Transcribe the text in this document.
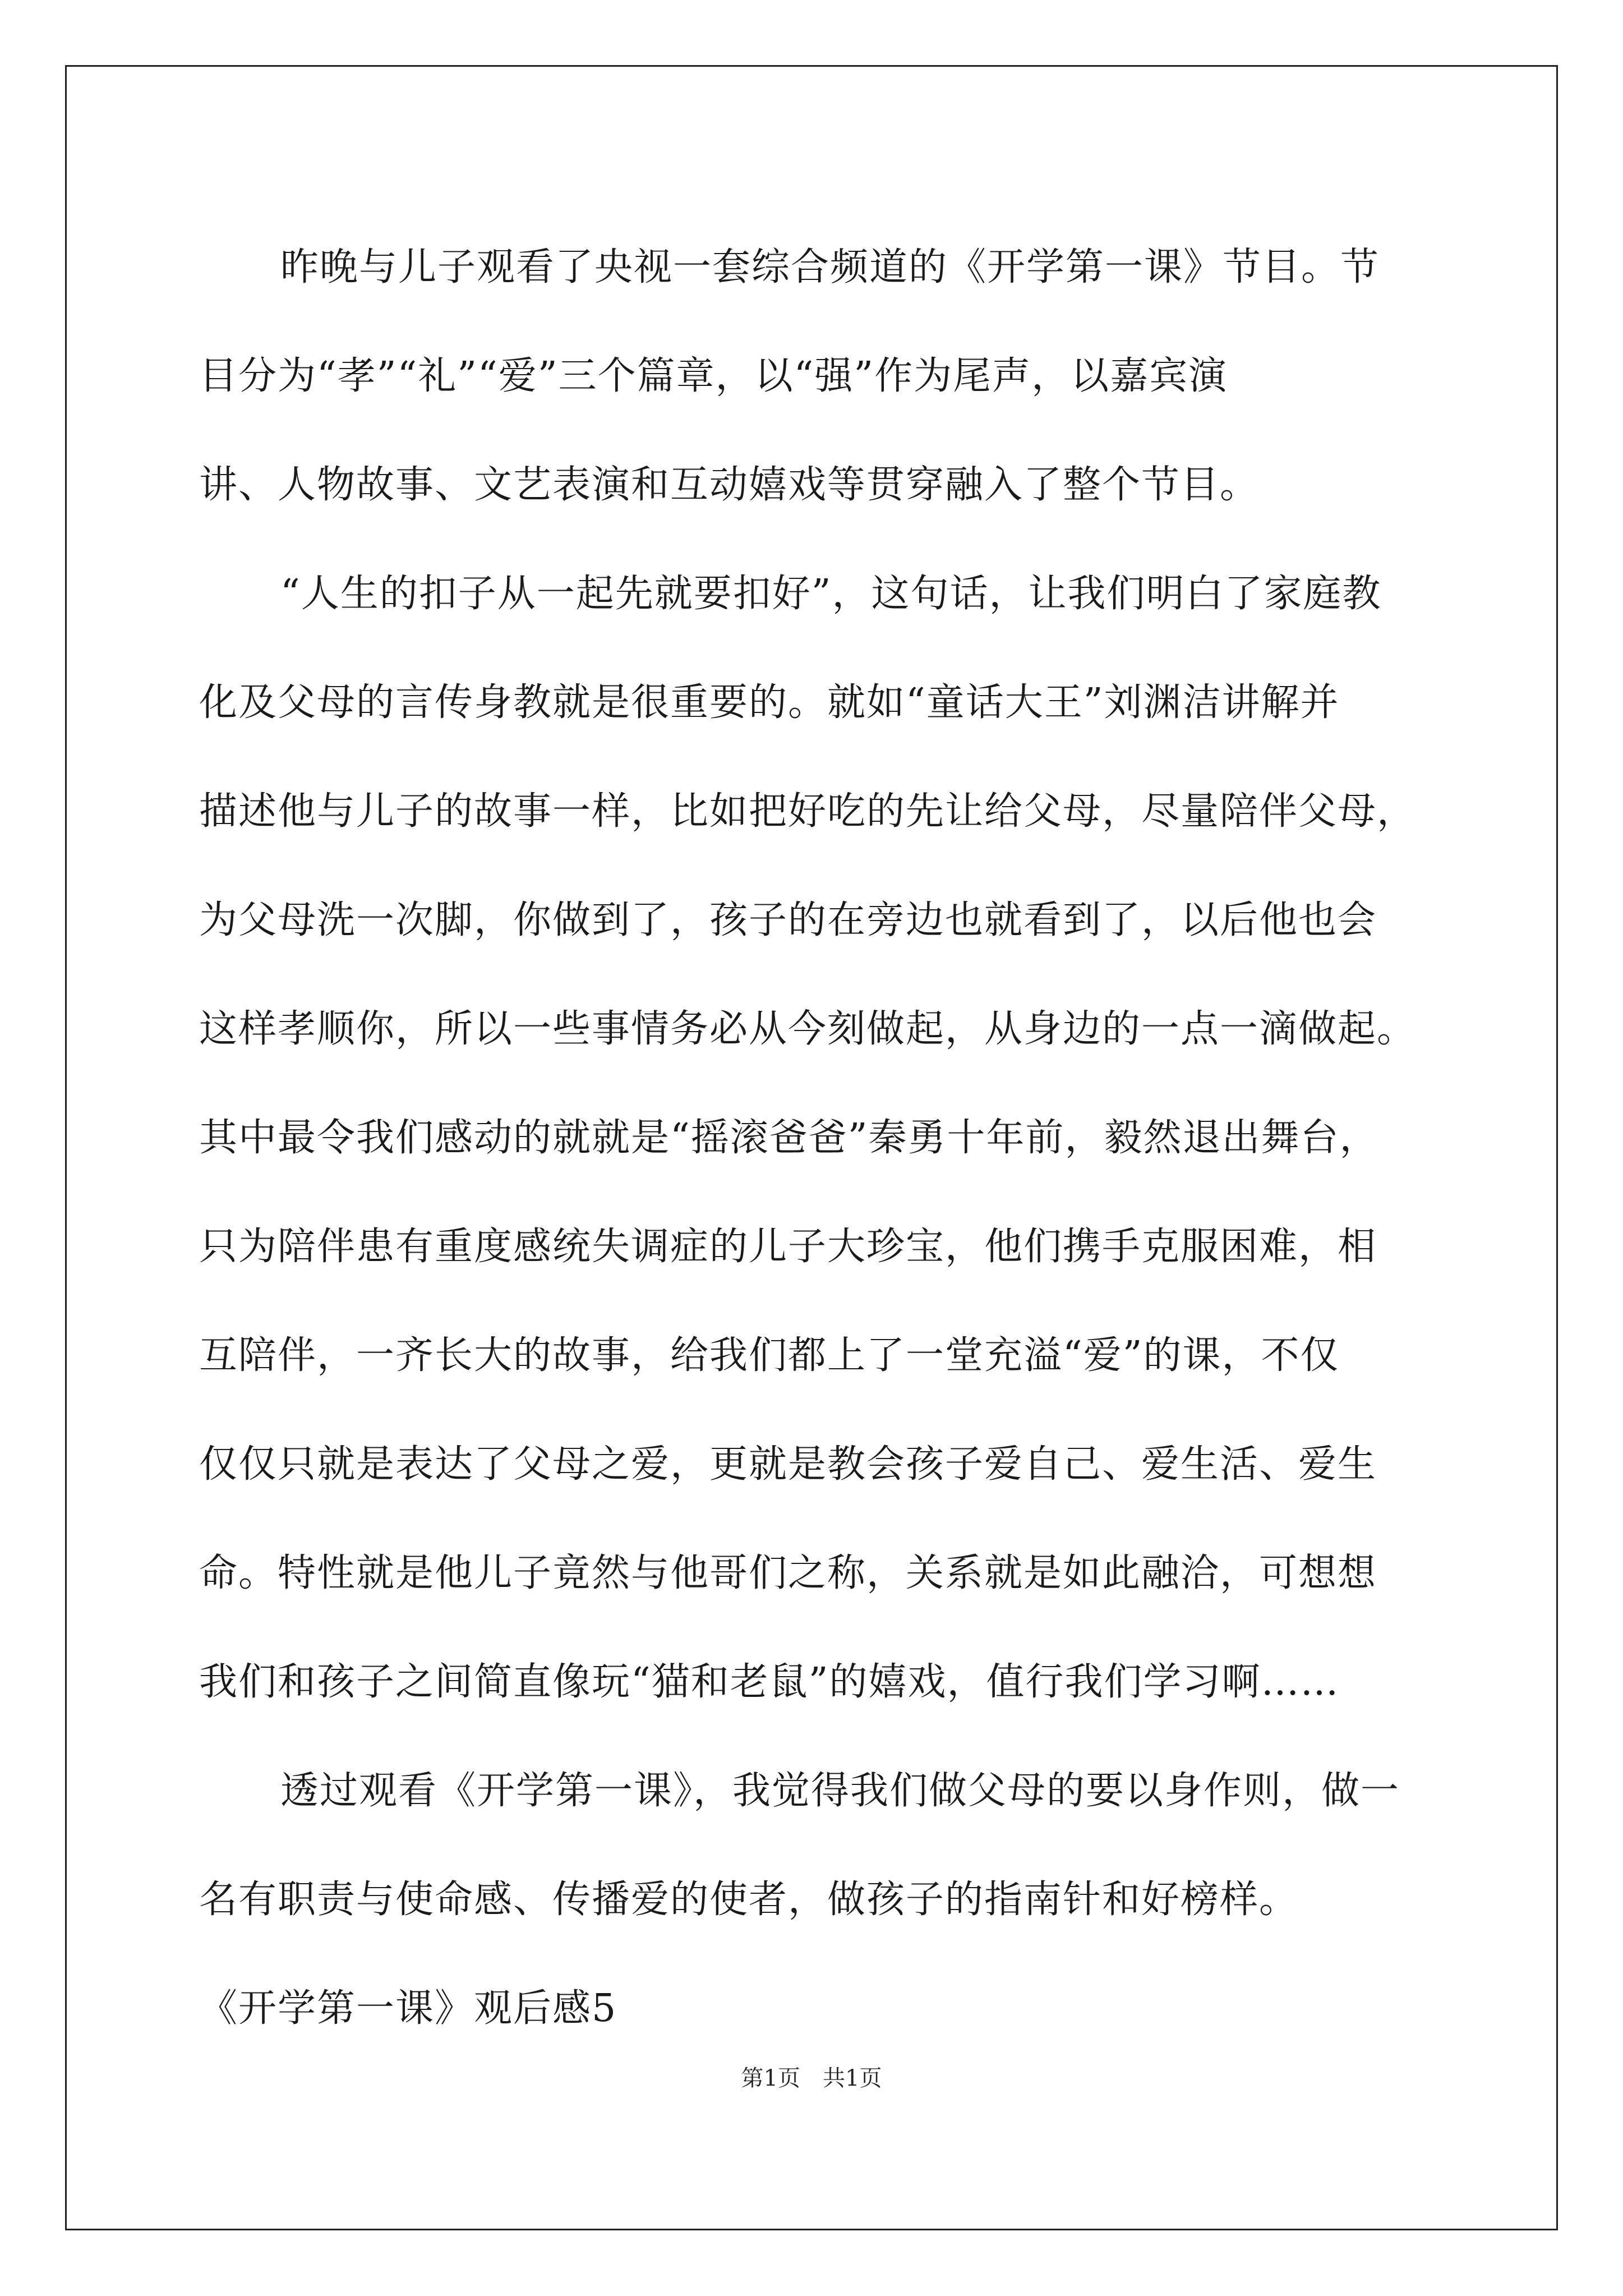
昨晚与儿子观看了央视一套综合频道的《开学第一课》节目。节
目分为“孝”“礼”“爱”三个篇章，以“强”作为尾声，以嘉宾演
讲、人物故事、文艺表演和互动嬉戏等贯穿融入了整个节目。
“人生的扣子从一起先就要扣好”，这句话，让我们明白了家庭教
化及父母的言传身教就是很重要的。就如“童话大王”刘渊洁讲解并
描述他与儿子的故事一样，比如把好吃的先让给父母，尽量陪伴父母，
为父母洗一次脚，你做到了，孩子的在旁边也就看到了，以后他也会
这样孝顺你，所以一些事情务必从今刻做起，从身边的一点一滴做起。
其中最令我们感动的就就是“摇滚爸爸”秦勇十年前，毅然退出舞台，
只为陪伴患有重度感统失调症的儿子大珍宝，他们携手克服困难，相
互陪伴，一齐长大的故事，给我们都上了一堂充溢“爱”的课，不仅
仅仅只就是表达了父母之爱，更就是教会孩子爱自己、爱生活、爱生
命。特性就是他儿子竟然与他哥们之称，关系就是如此融洽，可想想
我们和孩子之间简直像玩“猫和老鼠”的嬉戏，值行我们学习啊……
透过观看《开学第一课》，我觉得我们做父母的要以身作则，做一
名有职责与使命感、传播爱的使者，做孩子的指南针和好榜样。
《开学第一课》观后感5
第1页 共1页
